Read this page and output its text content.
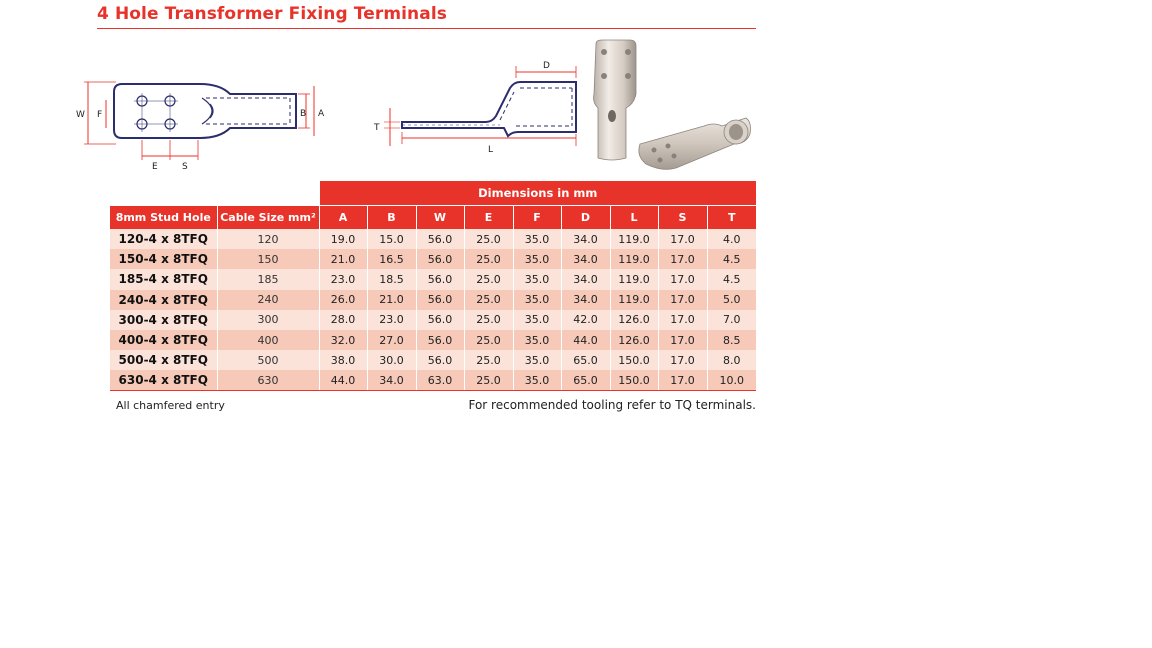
4 Hole Transformer Fixing Terminals
W F	B A
E	S
D
T
L
		Dimensions in mm								
8mm Stud Hole	Cable Size mm²	A	B	W	E	F	D	L	S	T
120-4 x 8TFQ	120	19.0	15.0	56.0	25.0	35.0	34.0	119.0	17.0	4.0
150-4 x 8TFQ	150	21.0	16.5	56.0	25.0	35.0	34.0	119.0	17.0	4.5
185-4 x 8TFQ	185	23.0	18.5	56.0	25.0	35.0	34.0	119.0	17.0	4.5
240-4 x 8TFQ	240	26.0	21.0	56.0	25.0	35.0	34.0	119.0	17.0	5.0
300-4 x 8TFQ	300	28.0	23.0	56.0	25.0	35.0	42.0	126.0	17.0	7.0
400-4 x 8TFQ	400	32.0	27.0	56.0	25.0	35.0	44.0	126.0	17.0	8.5
500-4 x 8TFQ	500	38.0	30.0	56.0	25.0	35.0	65.0	150.0	17.0	8.0
630-4 x 8TFQ	630	44.0	34.0	63.0	25.0	35.0	65.0	150.0	17.0	10.0
All chamfered entry	For recommended tooling refer to TQ terminals.
